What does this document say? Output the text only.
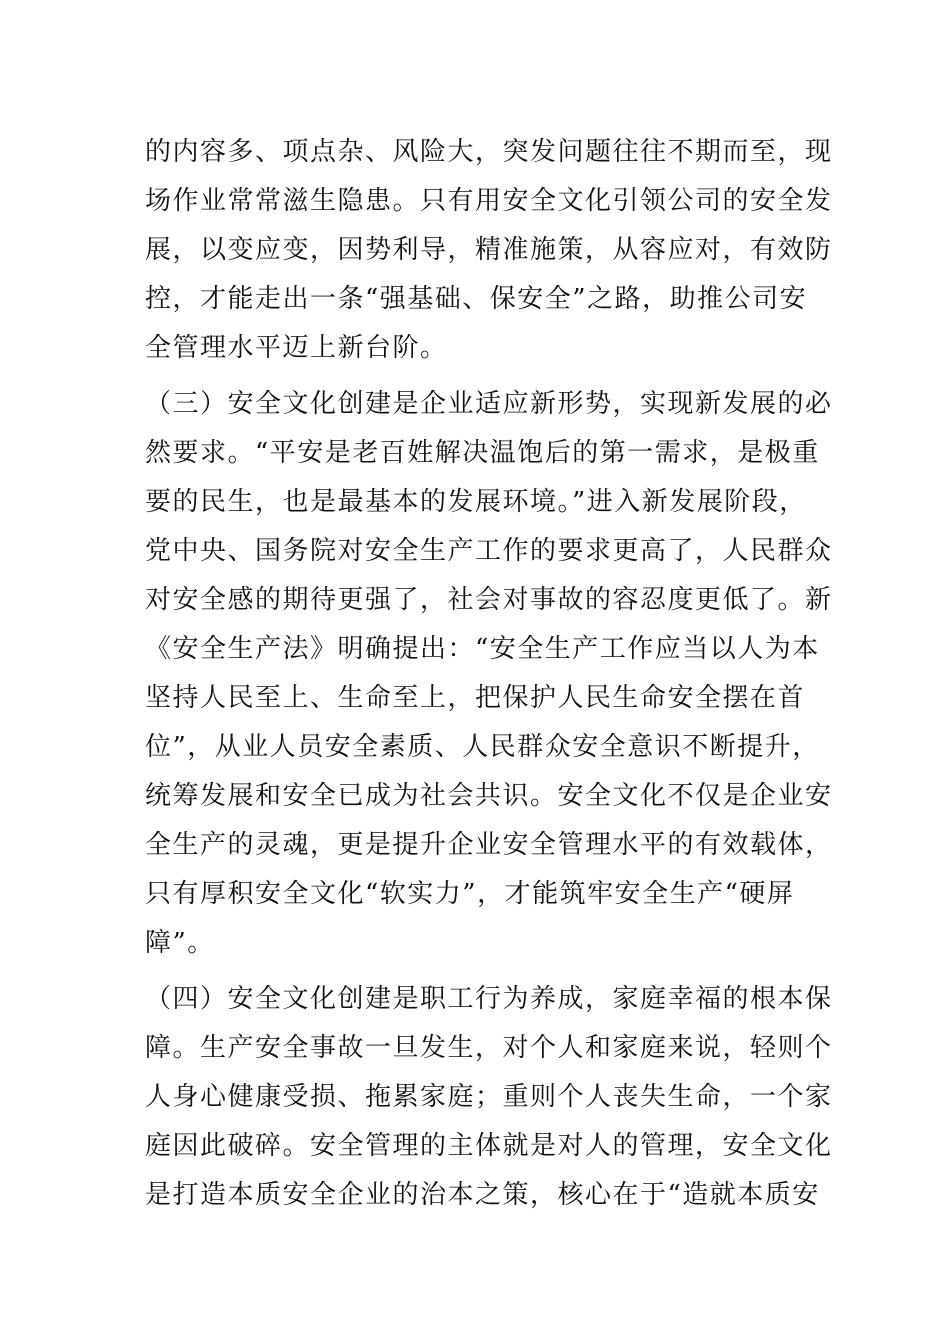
的内容多、项点杂、风险大，突发问题往往不期而至，现
场作业常常滋生隐患。只有用安全文化引领公司的安全发
展，以变应变，因势利导，精准施策，从容应对，有效防
控，才能走出一条“强基础、保安全”之路，助推公司安
全管理水平迈上新台阶。
（三）安全文化创建是企业适应新形势，实现新发展的必
然要求。“平安是老百姓解决温饱后的第一需求，是极重
要的民生，也是最基本的发展环境。”进入新发展阶段，
党中央、国务院对安全生产工作的要求更高了，人民群众
对安全感的期待更强了，社会对事故的容忍度更低了。新
《安全生产法》明确提出：“安全生产工作应当以人为本
坚持人民至上、生命至上，把保护人民生命安全摆在首
位”，从业人员安全素质、人民群众安全意识不断提升，
统筹发展和安全已成为社会共识。安全文化不仅是企业安
全生产的灵魂，更是提升企业安全管理水平的有效载体，
只有厚积安全文化“软实力”，才能筑牢安全生产“硬屏
障”。
（四）安全文化创建是职工行为养成，家庭幸福的根本保
障。生产安全事故一旦发生，对个人和家庭来说，轻则个
人身心健康受损、拖累家庭；重则个人丧失生命，一个家
庭因此破碎。安全管理的主体就是对人的管理，安全文化
是打造本质安全企业的治本之策，核心在于“造就本质安
